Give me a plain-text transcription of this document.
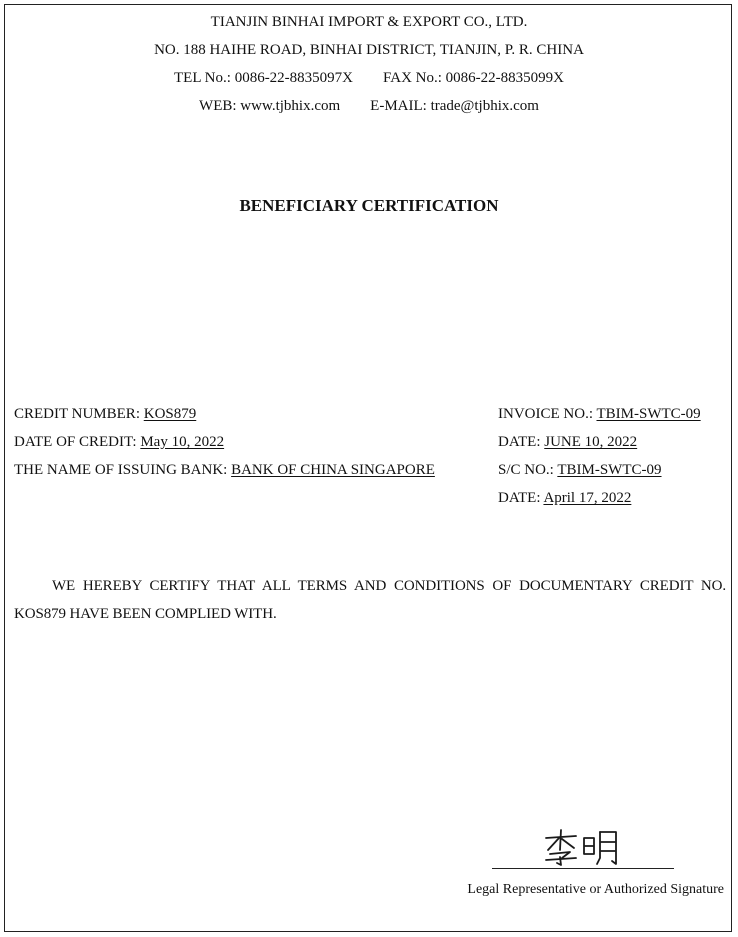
TIANJIN BINHAI IMPORT & EXPORT CO., LTD.
NO. 188 HAIHE ROAD, BINHAI DISTRICT, TIANJIN, P. R. CHINA
TEL No.: 0086-22-8835097X FAX No.: 0086-22-8835099X
WEB: www.tjbhix.com E-MAIL: trade@tjbhix.com
BENEFICIARY CERTIFICATION
CREDIT NUMBER: KOS879
DATE OF CREDIT: May 10, 2022
THE NAME OF ISSUING BANK: BANK OF CHINA SINGAPORE
INVOICE NO.: TBIM-SWTC-09
DATE: JUNE 10, 2022
S/C NO.: TBIM-SWTC-09
DATE: April 17, 2022
WE HEREBY CERTIFY THAT ALL TERMS AND CONDITIONS OF DOCUMENTARY CREDIT NO. KOS879 HAVE BEEN COMPLIED WITH.
Legal Representative or Authorized Signature
